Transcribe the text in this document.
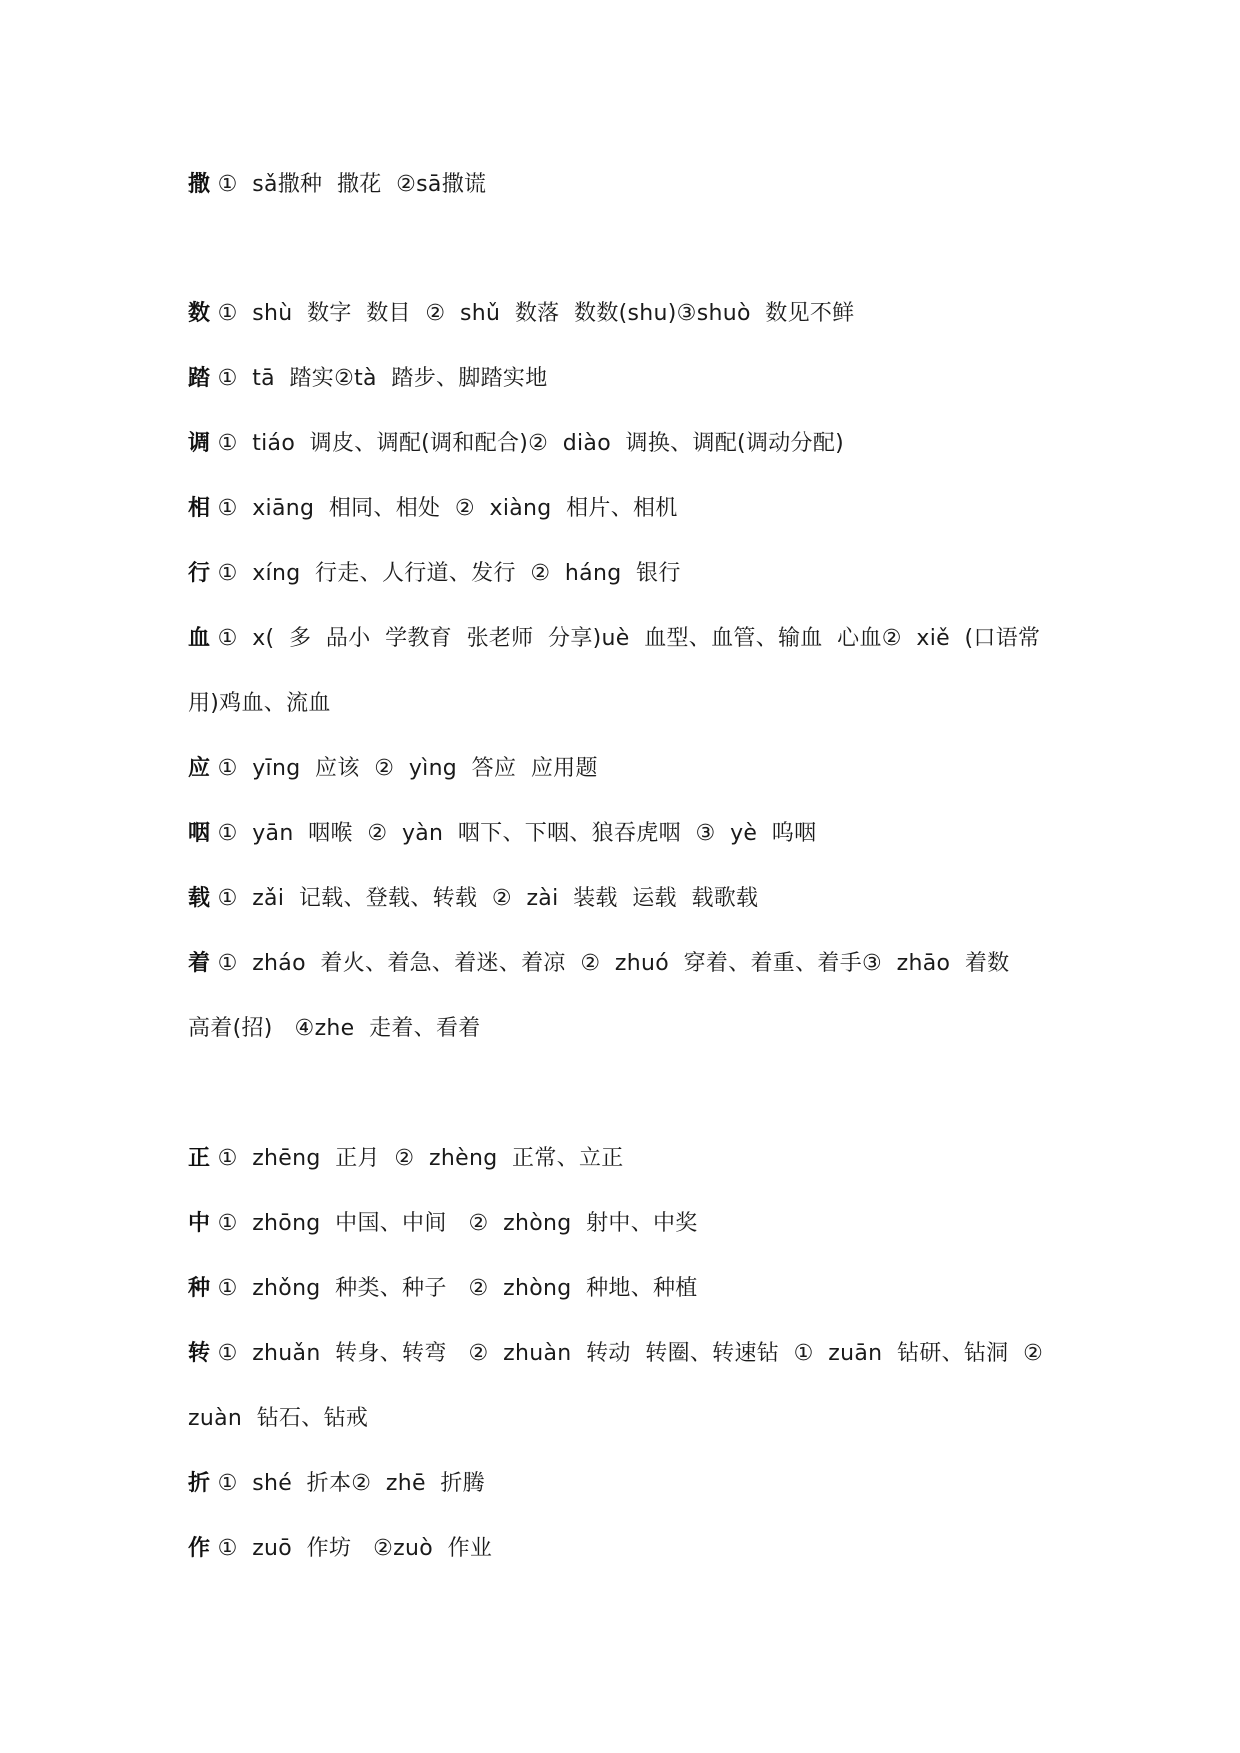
撒 ①  sǎ撒种  撒花  ②sā撒谎
数 ①  shù  数字  数目  ②  shǔ  数落  数数(shu)③shuò  数见不鲜
踏 ①  tā  踏实②tà  踏步、脚踏实地
调 ①  tiáo  调皮、调配(调和配合)②  diào  调换、调配(调动分配)
相 ①  xiāng  相同、相处  ②  xiàng  相片、相机
行 ①  xíng  行走、人行道、发行  ②  háng  银行
血 ①  x(  多  品小  学教育  张老师  分享)uè  血型、血管、输血  心血②  xiě  (口语常
用)鸡血、流血
应 ①  yīng  应该  ②  yìng  答应  应用题
咽 ①  yān  咽喉  ②  yàn  咽下、下咽、狼吞虎咽  ③  yè  呜咽
载 ①  zǎi  记载、登载、转载  ②  zài  装载  运载  载歌载
着 ①  zháo  着火、着急、着迷、着凉  ②  zhuó  穿着、着重、着手③  zhāo  着数
高着(招)   ④zhe  走着、看着
正 ①  zhēng  正月  ②  zhèng  正常、立正
中 ①  zhōng  中国、中间   ②  zhòng  射中、中奖
种 ①  zhǒng  种类、种子   ②  zhòng  种地、种植
转 ①  zhuǎn  转身、转弯   ②  zhuàn  转动  转圈、转速钻  ①  zuān  钻研、钻洞  ②
zuàn  钻石、钻戒
折 ①  shé  折本②  zhē  折腾
作 ①  zuō  作坊   ②zuò  作业
